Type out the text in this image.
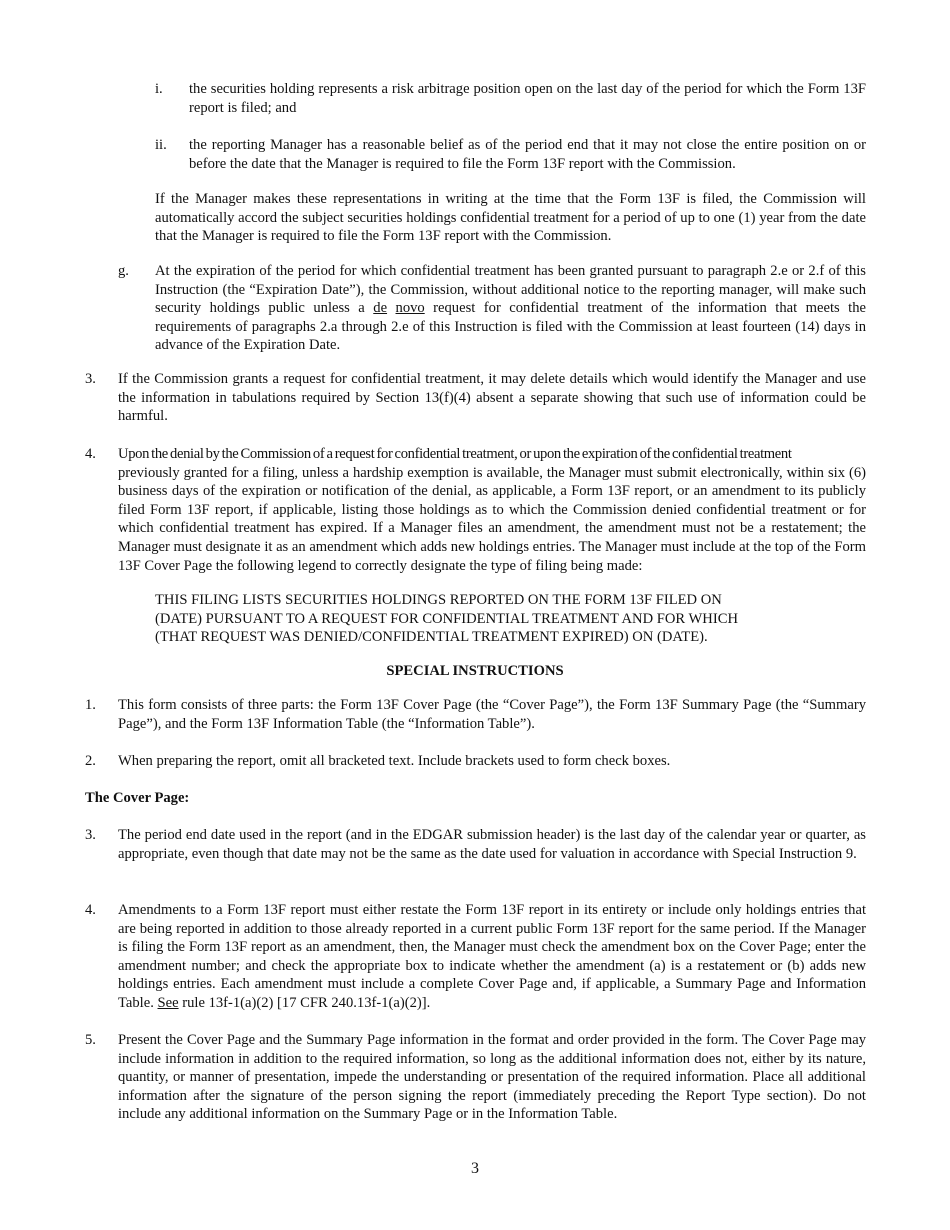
i. the securities holding represents a risk arbitrage position open on the last day of the period for which the Form 13F report is filed; and
ii. the reporting Manager has a reasonable belief as of the period end that it may not close the entire position on or before the date that the Manager is required to file the Form 13F report with the Commission.
If the Manager makes these representations in writing at the time that the Form 13F is filed, the Commission will automatically accord the subject securities holdings confidential treatment for a period of up to one (1) year from the date that the Manager is required to file the Form 13F report with the Commission.
g. At the expiration of the period for which confidential treatment has been granted pursuant to paragraph 2.e or 2.f of this Instruction (the “Expiration Date”), the Commission, without additional notice to the reporting manager, will make such security holdings public unless a de novo request for confidential treatment of the information that meets the requirements of paragraphs 2.a through 2.e of this Instruction is filed with the Commission at least fourteen (14) days in advance of the Expiration Date.
3. If the Commission grants a request for confidential treatment, it may delete details which would identify the Manager and use the information in tabulations required by Section 13(f)(4) absent a separate showing that such use of information could be harmful.
4. Upon the denial by the Commission of a request for confidential treatment, or upon the expiration of the confidential treatment
previously granted for a filing, unless a hardship exemption is available, the Manager must submit electronically, within six (6) business days of the expiration or notification of the denial, as applicable, a Form 13F report, or an amendment to its publicly filed Form 13F report, if applicable, listing those holdings as to which the Commission denied confidential treatment or for which confidential treatment has expired. If a Manager files an amendment, the amendment must not be a restatement; the Manager must designate it as an amendment which adds new holdings entries. The Manager must include at the top of the Form 13F Cover Page the following legend to correctly designate the type of filing being made:
THIS FILING LISTS SECURITIES HOLDINGS REPORTED ON THE FORM 13F FILED ON
(DATE) PURSUANT TO A REQUEST FOR CONFIDENTIAL TREATMENT AND FOR WHICH
(THAT REQUEST WAS DENIED/CONFIDENTIAL TREATMENT EXPIRED) ON (DATE).
SPECIAL INSTRUCTIONS
1. This form consists of three parts: the Form 13F Cover Page (the “Cover Page”), the Form 13F Summary Page (the “Summary Page”), and the Form 13F Information Table (the “Information Table”).
2. When preparing the report, omit all bracketed text. Include brackets used to form check boxes.
The Cover Page:
3. The period end date used in the report (and in the EDGAR submission header) is the last day of the calendar year or quarter, as appropriate, even though that date may not be the same as the date used for valuation in accordance with Special Instruction 9.
4. Amendments to a Form 13F report must either restate the Form 13F report in its entirety or include only holdings entries that are being reported in addition to those already reported in a current public Form 13F report for the same period. If the Manager is filing the Form 13F report as an amendment, then, the Manager must check the amendment box on the Cover Page; enter the amendment number; and check the appropriate box to indicate whether the amendment (a) is a restatement or (b) adds new holdings entries. Each amendment must include a complete Cover Page and, if applicable, a Summary Page and Information Table. See rule 13f-1(a)(2) [17 CFR 240.13f-1(a)(2)].
5. Present the Cover Page and the Summary Page information in the format and order provided in the form. The Cover Page may include information in addition to the required information, so long as the additional information does not, either by its nature, quantity, or manner of presentation, impede the understanding or presentation of the required information. Place all additional information after the signature of the person signing the report (immediately preceding the Report Type section). Do not include any additional information on the Summary Page or in the Information Table.
3
